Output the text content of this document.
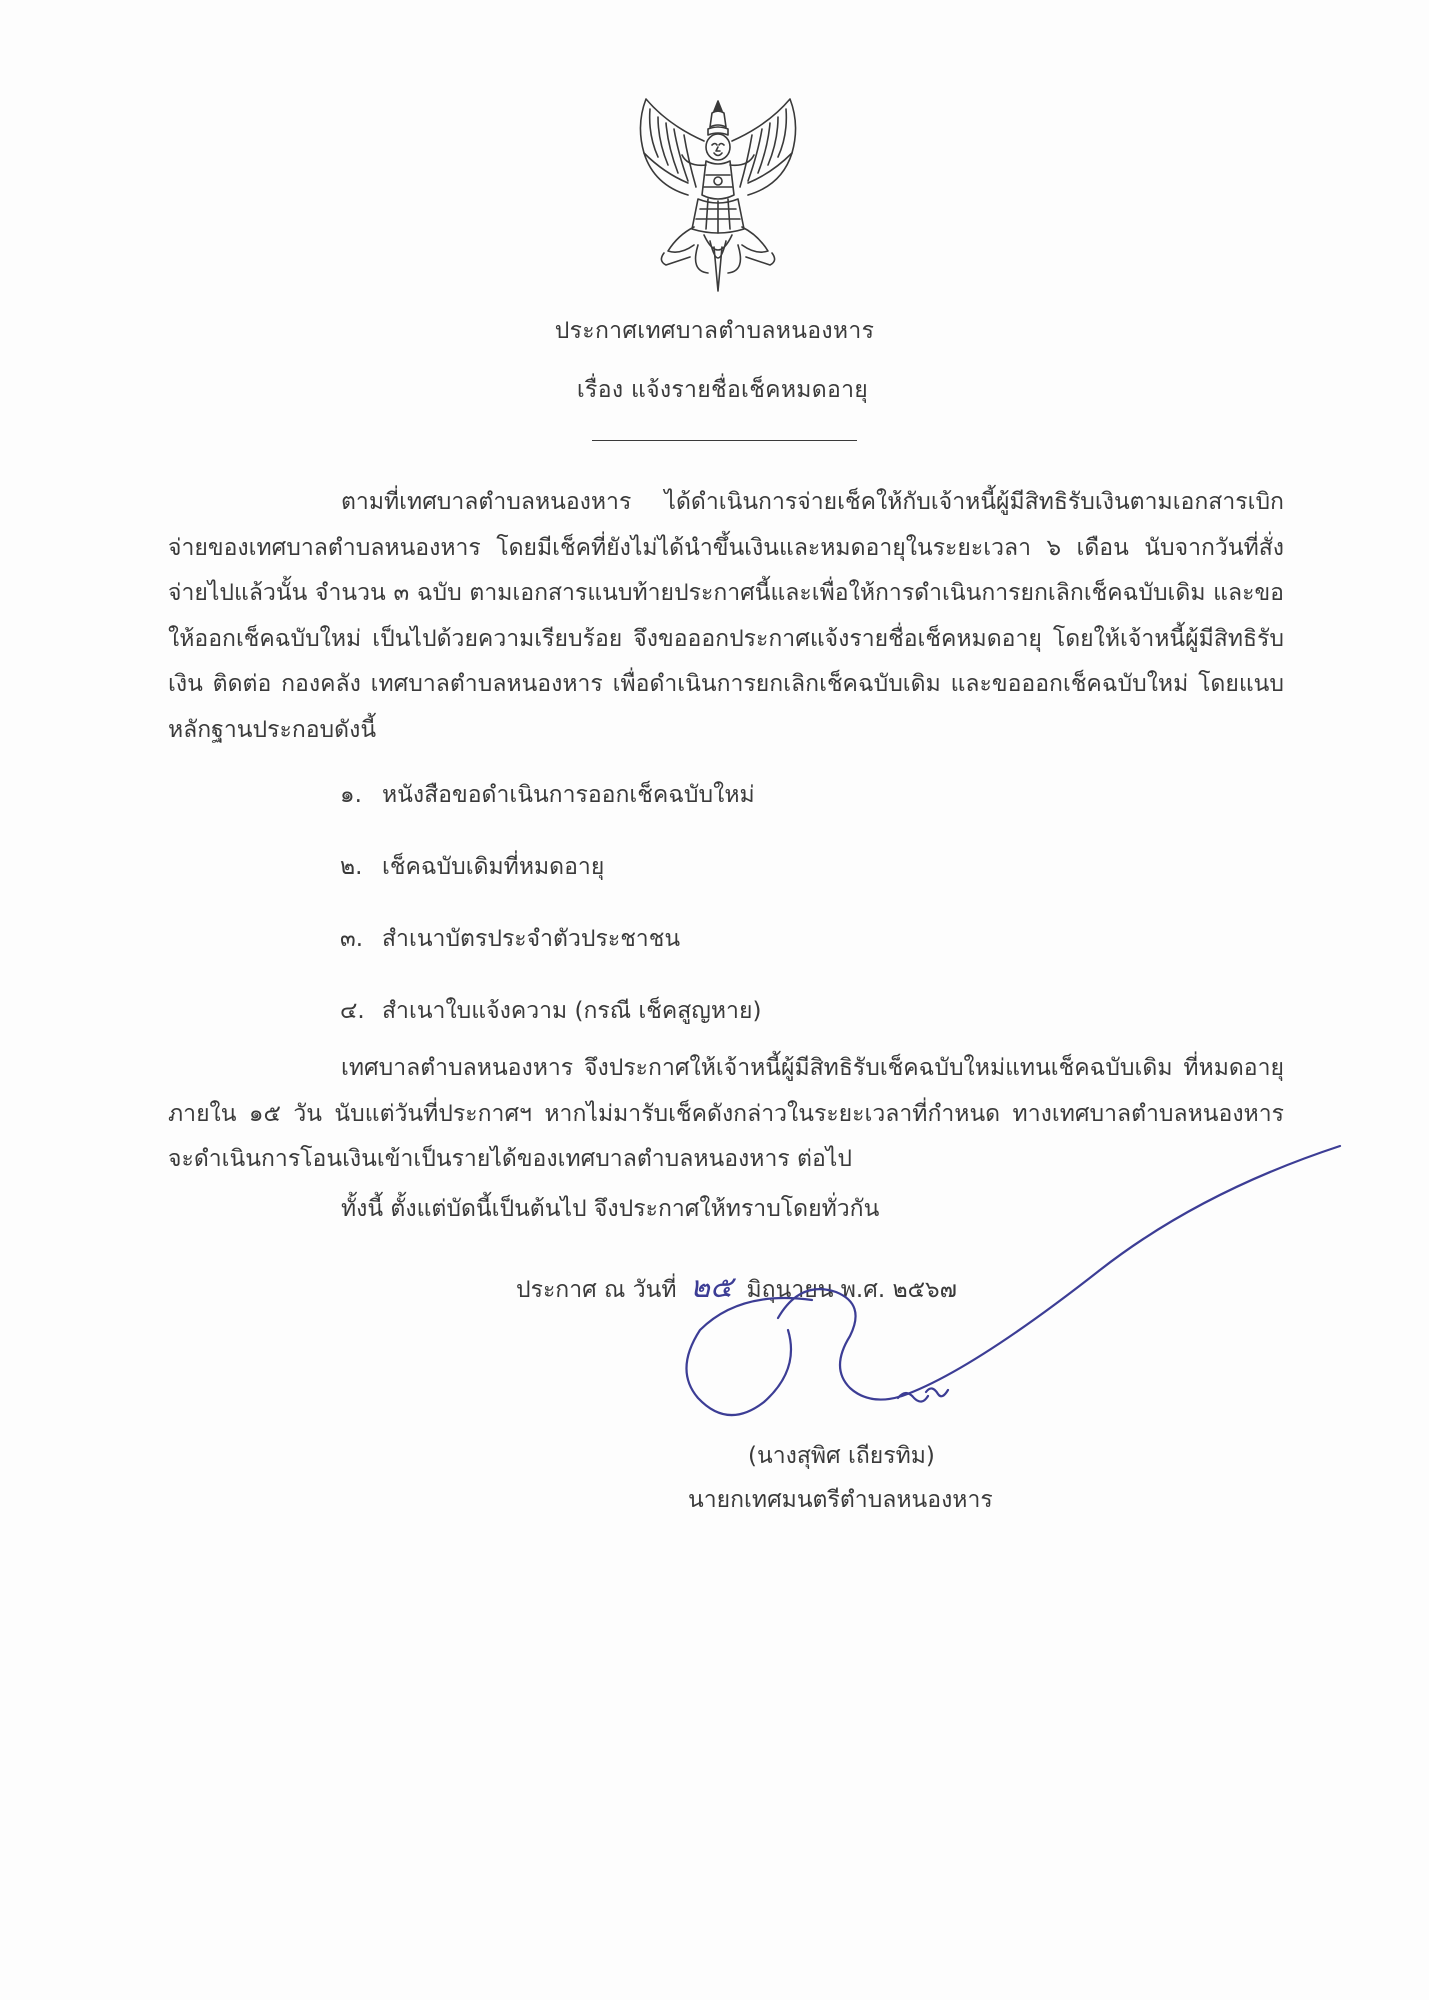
ประกาศเทศบาลตำบลหนองหาร
เรื่อง แจ้งรายชื่อเช็คหมดอายุ

ตามที่เทศบาลตำบลหนองหาร ได้ดำเนินการจ่ายเช็คให้กับเจ้าหนี้ผู้มีสิทธิรับเงินตามเอกสารเบิกจ่ายของเทศบาลตำบลหนองหาร โดยมีเช็คที่ยังไม่ได้นำขึ้นเงินและหมดอายุในระยะเวลา ๖ เดือน นับจากวันที่สั่งจ่ายไปแล้วนั้น จำนวน ๓ ฉบับ ตามเอกสารแนบท้ายประกาศนี้และเพื่อให้การดำเนินการยกเลิกเช็คฉบับเดิม และขอให้ออกเช็คฉบับใหม่ เป็นไปด้วยความเรียบร้อย จึงขอออกประกาศแจ้งรายชื่อเช็คหมดอายุ โดยให้เจ้าหนี้ผู้มีสิทธิรับเงิน ติดต่อ กองคลัง เทศบาลตำบลหนองหาร เพื่อดำเนินการยกเลิกเช็คฉบับเดิม และขอออกเช็คฉบับใหม่ โดยแนบหลักฐานประกอบดังนี้

๑. หนังสือขอดำเนินการออกเช็คฉบับใหม่
๒. เช็คฉบับเดิมที่หมดอายุ
๓. สำเนาบัตรประจำตัวประชาชน
๔. สำเนาใบแจ้งความ (กรณี เช็คสูญหาย)

เทศบาลตำบลหนองหาร จึงประกาศให้เจ้าหนี้ผู้มีสิทธิรับเช็คฉบับใหม่แทนเช็คฉบับเดิม ที่หมดอายุภายใน ๑๕ วัน นับแต่วันที่ประกาศฯ หากไม่มารับเช็คดังกล่าวในระยะเวลาที่กำหนด ทางเทศบาลตำบลหนองหาร จะดำเนินการโอนเงินเข้าเป็นรายได้ของเทศบาลตำบลหนองหาร ต่อไป

ทั้งนี้ ตั้งแต่บัดนี้เป็นต้นไป จึงประกาศให้ทราบโดยทั่วกัน

ประกาศ ณ วันที่ ๒๕ มิถุนายน พ.ศ. ๒๕๖๗
(นางสุพิศ เถียรทิม)
นายกเทศมนตรีตำบลหนองหาร
